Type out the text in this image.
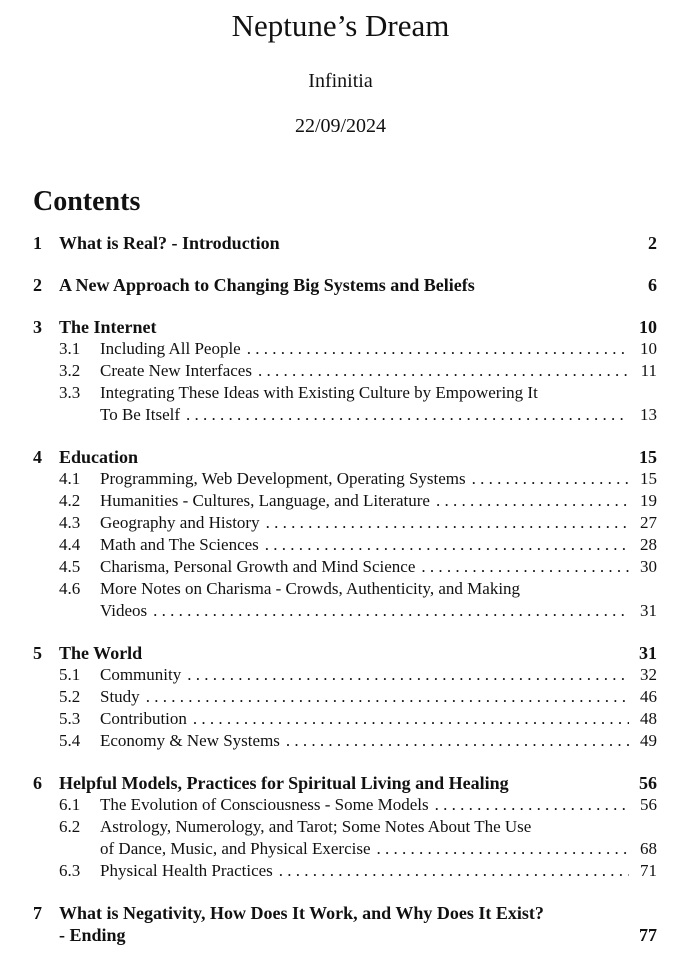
Neptune’s Dream
Infinitia
22/09/2024
Contents
1 What is Real? - Introduction	2
2 A New Approach to Changing Big Systems and Beliefs	6
3 The Internet	10
3.1	Including All People . . .	10
3.2	Create New Interfaces . . .	11
3.3	Integrating These Ideas with Existing Culture by Empowering It
To Be Itself . . .	13
4 Education	15
4.1	Programming, Web Development, Operating Systems . . .	15
4.2	Humanities - Cultures, Language, and Literature . . .	19
4.3	Geography and History . . .	27
4.4	Math and The Sciences . . .	28
4.5	Charisma, Personal Growth and Mind Science . . .	30
4.6	More Notes on Charisma - Crowds, Authenticity, and Making
Videos . . .	31
5 The World	31
5.1	Community . . .	32
5.2	Study . . .	46
5.3	Contribution . . .	48
5.4	Economy & New Systems . . .	49
6 Helpful Models, Practices for Spiritual Living and Healing	56
6.1	The Evolution of Consciousness - Some Models . . .	56
6.2	Astrology, Numerology, and Tarot; Some Notes About The Use
of Dance, Music, and Physical Exercise . . .	68
6.3	Physical Health Practices . . .	71
7 What is Negativity, How Does It Work, and Why Does It Exist?
- Ending	77
